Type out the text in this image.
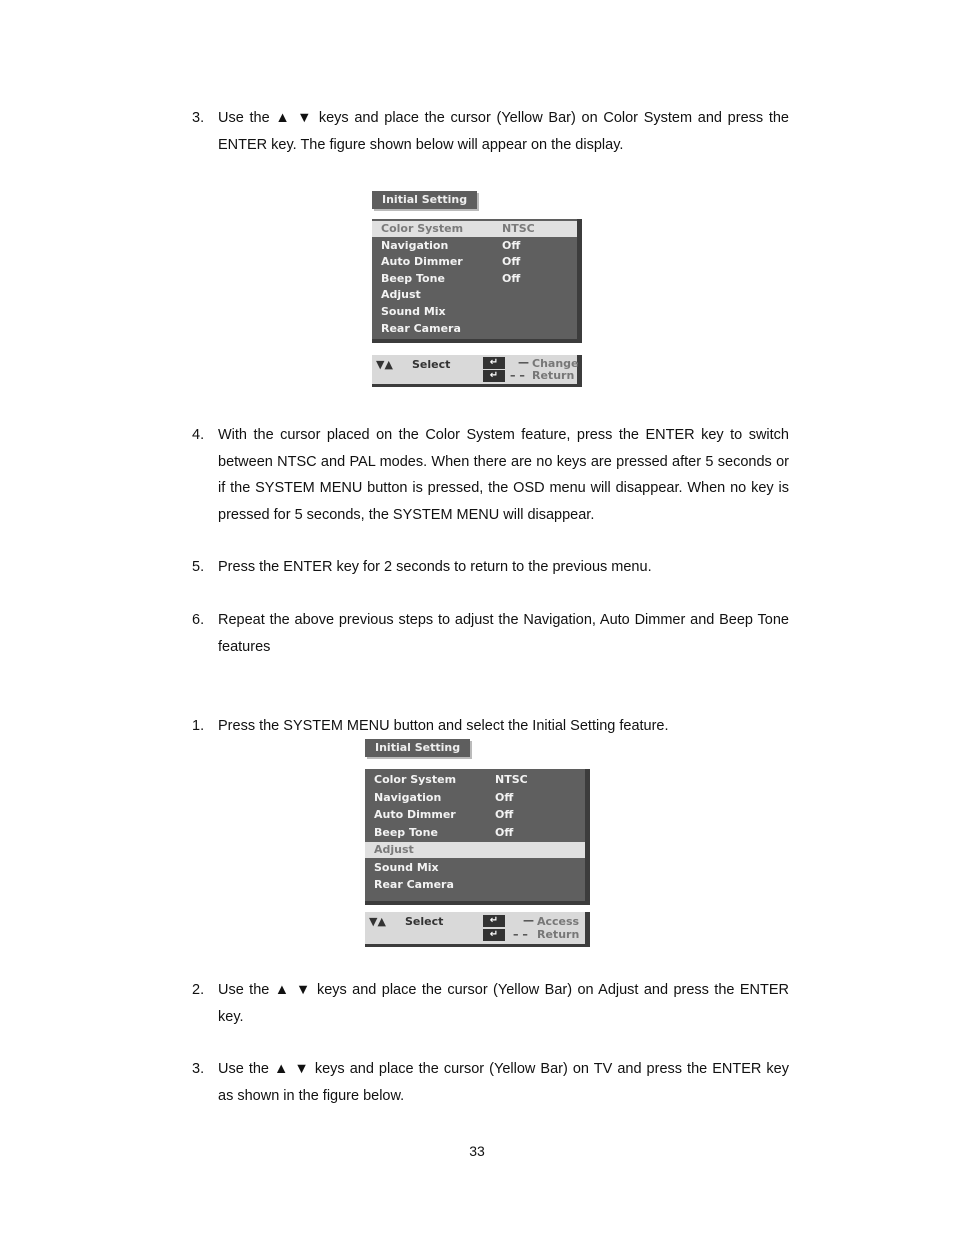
3. Use the ▲ ▼ keys and place the cursor (Yellow Bar) on Color System and press the ENTER key. The figure shown below will appear on the display.
Initial Setting
Color System	NTSC
Navigation	Off
Auto Dimmer	Off
Beep Tone	Off
Adjust
Sound Mix
Rear Camera
▼▲ Select	↵
↵
— Change
– – Return
4. With the cursor placed on the Color System feature, press the ENTER key to switch between NTSC and PAL modes. When there are no keys are pressed after 5 seconds or if the SYSTEM MENU button is pressed, the OSD menu will disappear. When no key is pressed for 5 seconds, the SYSTEM MENU will disappear.
5. Press the ENTER key for 2 seconds to return to the previous menu.
6. Repeat the above previous steps to adjust the Navigation, Auto Dimmer and Beep Tone features
1. Press the SYSTEM MENU button and select the Initial Setting feature.
Initial Setting
Color System	NTSC
Navigation	Off
Auto Dimmer	Off
Beep Tone	Off
Adjust
Sound Mix
Rear Camera
▼▲ Select	↵
↵
— Access
– – Return
2. Use the ▲ ▼ keys and place the cursor (Yellow Bar) on Adjust and press the ENTER key.
3. Use the ▲ ▼ keys and place the cursor (Yellow Bar) on TV and press the ENTER key as shown in the figure below.
33
